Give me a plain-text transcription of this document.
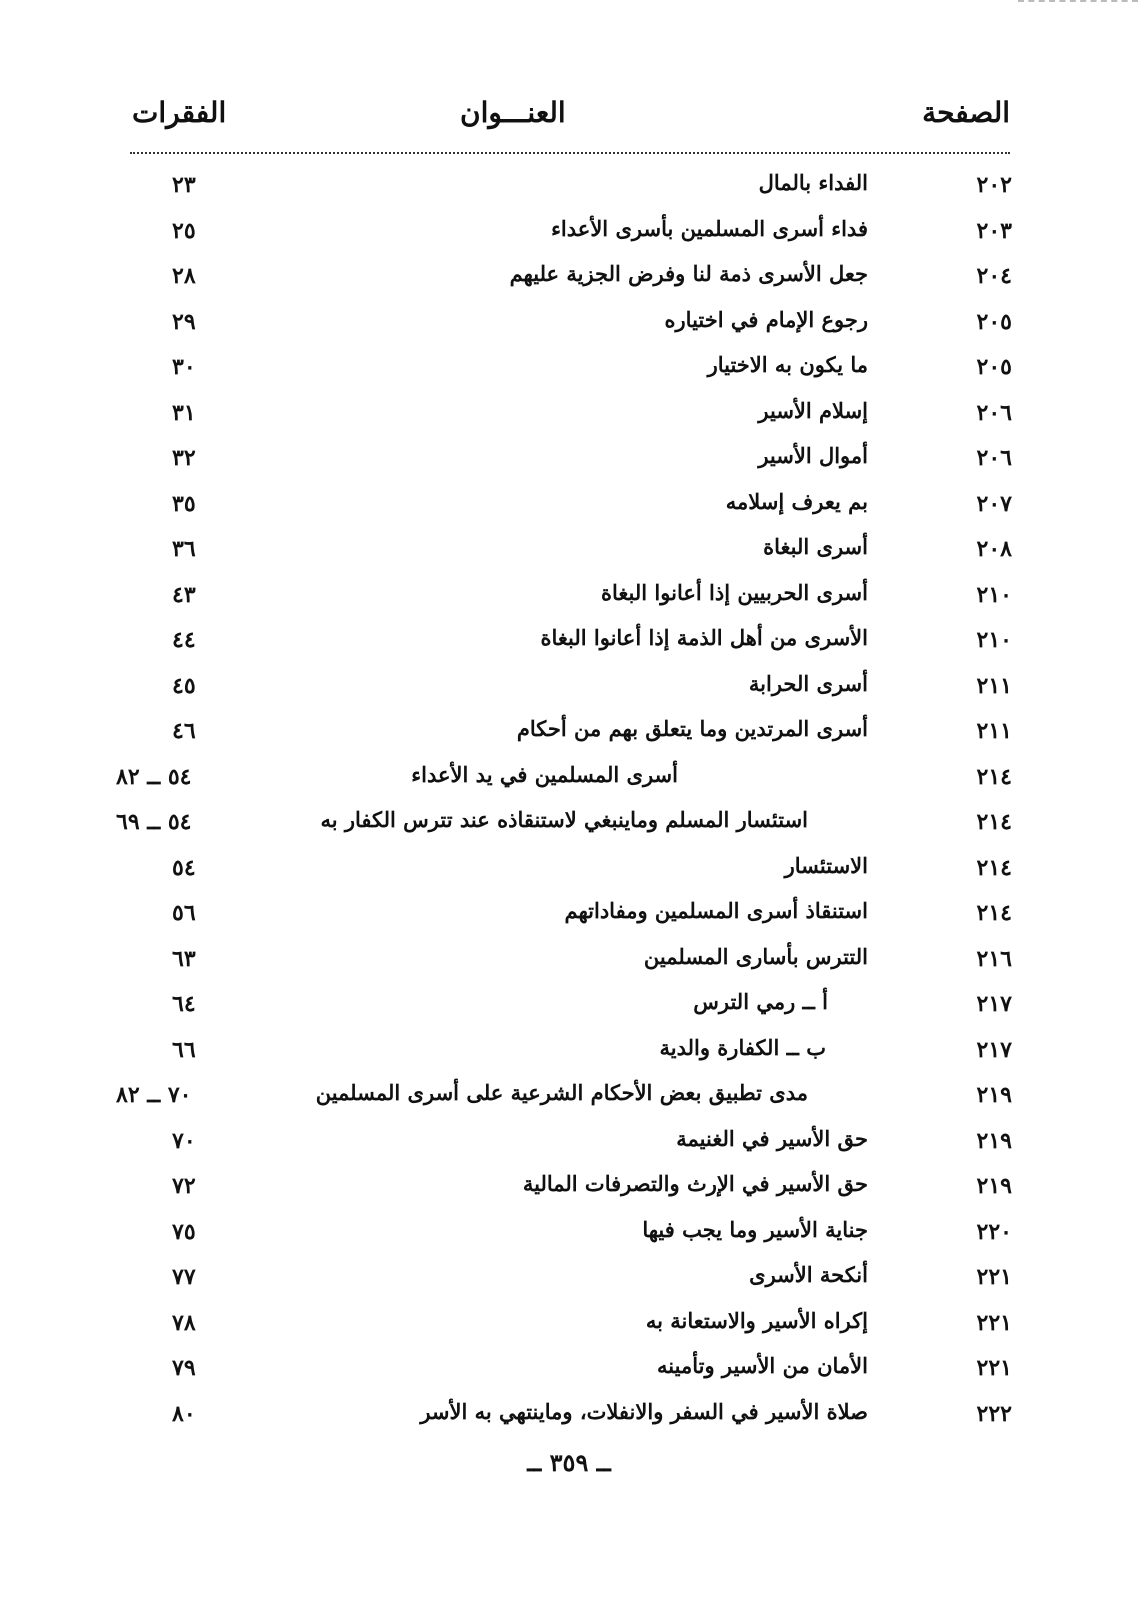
الصفحة
العنـــوان
الفقرات
٢٠٢
الفداء بالمال
٢٣
٢٠٣
فداء أسرى المسلمين بأسرى الأعداء
٢٥
٢٠٤
جعل الأسرى ذمة لنا وفرض الجزية عليهم
٢٨
٢٠٥
رجوع الإمام في اختياره
٢٩
٢٠٥
ما يكون به الاختيار
٣٠
٢٠٦
إسلام الأسير
٣١
٢٠٦
أموال الأسير
٣٢
٢٠٧
بم يعرف إسلامه
٣٥
٢٠٨
أسرى البغاة
٣٦
٢١٠
أسرى الحربيين إذا أعانوا البغاة
٤٣
٢١٠
الأسرى من أهل الذمة إذا أعانوا البغاة
٤٤
٢١١
أسرى الحرابة
٤٥
٢١١
أسرى المرتدين وما يتعلق بهم من أحكام
٤٦
٢١٤
أسرى المسلمين في يد الأعداء
٥٤ ــ ٨٢
٢١٤
استئسار المسلم وماينبغي لاستنقاذه عند تترس الكفار به
٥٤ ــ ٦٩
٢١٤
الاستئسار
٥٤
٢١٤
استنقاذ أسرى المسلمين ومفاداتهم
٥٦
٢١٦
التترس بأسارى المسلمين
٦٣
٢١٧
أ ــ رمي الترس
٦٤
٢١٧
ب ــ الكفارة والدية
٦٦
٢١٩
مدى تطبيق بعض الأحكام الشرعية على أسرى المسلمين
٧٠ ــ ٨٢
٢١٩
حق الأسير في الغنيمة
٧٠
٢١٩
حق الأسير في الإرث والتصرفات المالية
٧٢
٢٢٠
جناية الأسير وما يجب فيها
٧٥
٢٢١
أنكحة الأسرى
٧٧
٢٢١
إكراه الأسير والاستعانة به
٧٨
٢٢١
الأمان من الأسير وتأمينه
٧٩
٢٢٢
صلاة الأسير في السفر والانفلات، وماينتهي به الأسر
٨٠
ــ ٣٥٩ ــ
